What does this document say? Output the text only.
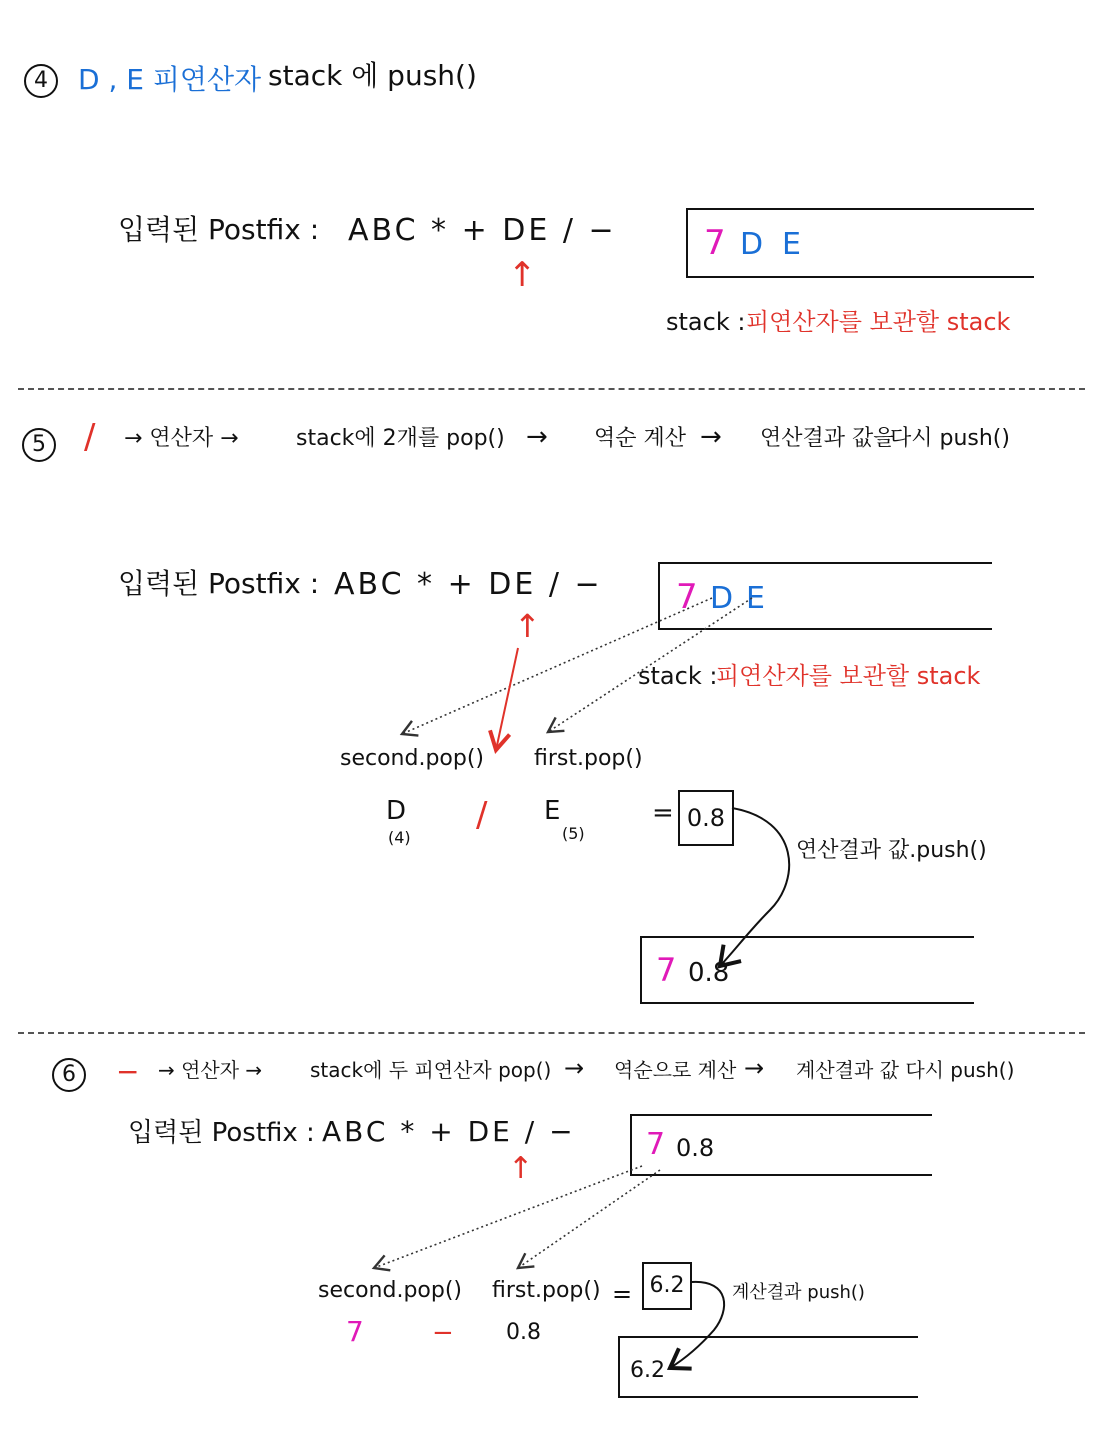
4	D , E 피연산자 stack 에 push()
입력된 Postfix : ABC * + DE / −
↑
7 D E
stack : 피연산자를 보관할 stack
5 / → 연산자 →	stack에 2개를 pop() → 역순 계산 → 연산결과 값을
다시 push()
입력된 Postfix : ABC * + DE / −
↑
7 D E
stack :
피연산자를 보관할 stack
second.pop() first.pop()
D
(4)
/ E
(5)
= 0.8
연산결과 값.push()
7 0.8
6	− → 연산자 → stack에 두 피연산자 pop() → 역순으로 계산 → 계산결과 값 다시 push()
입력된 Postfix : ABC * + DE / −
↑
7 0.8
second.pop() first.pop()
7	− 0.8
= 6.2	계산결과 push()
6.2
